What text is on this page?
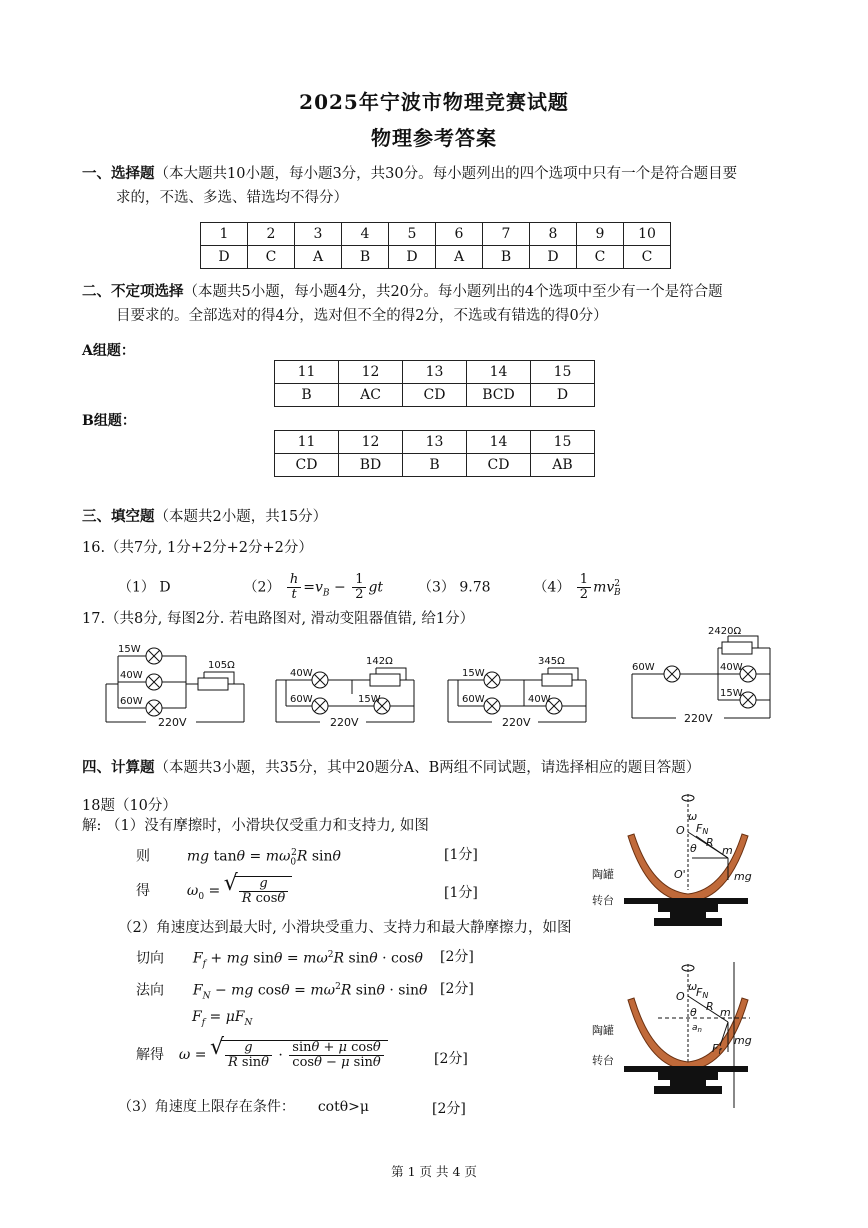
2025年宁波市物理竞赛试题
物理参考答案
一、选择题（本大题共10小题，每小题3分，共30分。每小题列出的四个选项中只有一个是符合题目要
求的，不选、多选、错选均不得分）
1	2	3	4	5	6	7	8	9	10
D	C	A	B	D	A	B	D	C	C
二、不定项选择（本题共5小题，每小题4分，共20分。每小题列出的4个选项中至少有一个是符合题
目要求的。全部选对的得4分，选对但不全的得2分，不选或有错选的得0分）
A组题：
11	12	13	14	15
B	AC	CD	BCD	D
B组题：
11	12	13	14	15
CD	BD	B	CD	AB
三、填空题（本题共2小题，共15分）
16.（共7分, 1分+2分+2分+2分）
（1） D	$(2) \frac{h}{t} =v_B - \frac{1}{2}$ gt （3） 9.78	$(4) \frac{1}{2} mv^2_B$
17.（共8分, 每图2分. 若电路图对, 滑动变阻器值错, 给1分）
105Ω
15W
40W
60W
220V
142Ω
40W
15W
60W
220V
345Ω
15W
40W
60W
220V
2420Ω
60W	40W
15W
220V
四、计算题（本题共3小题，共35分，其中20题分A、B两组不同试题，请选择相应的题目答题）
18题（10分）
解: （1）没有摩擦时，小滑块仅受重力和支持力, 如图
则	mg $\tan\theta = m\omega_0^2R$ sinθ	[1分]
得	$\omega_0$ = √ $\frac{g}{\text{R cosθ}}$	[1分]
（2）角速度达到最大时, 小滑块受重力、支持力和最大静摩擦力，如图
切向 $F_f$ + mg $\sin\theta = m\omega^2R$ sinθ · cosθ [2分]
法向 $F_N$ − mg $\cos\theta = m\omega^2R$ sinθ · sinθ [2分]
$F_f = \mu F_N$
解得 ω = √ $\frac{g}{\text{R sinθ}} \cdot \frac{\text{sinθ + μ cosθ}}{\text{cosθ − μ sinθ}}$	[2分]
（3）角速度上限存在条件： cotθ>μ	[2分]
ω
O
O'
FN
R
θ m
mg
陶罐
转台
ω
O FN
R
θ m
mg
$a_n$
Ff
陶罐
转台
第 1 页 共 4 页
